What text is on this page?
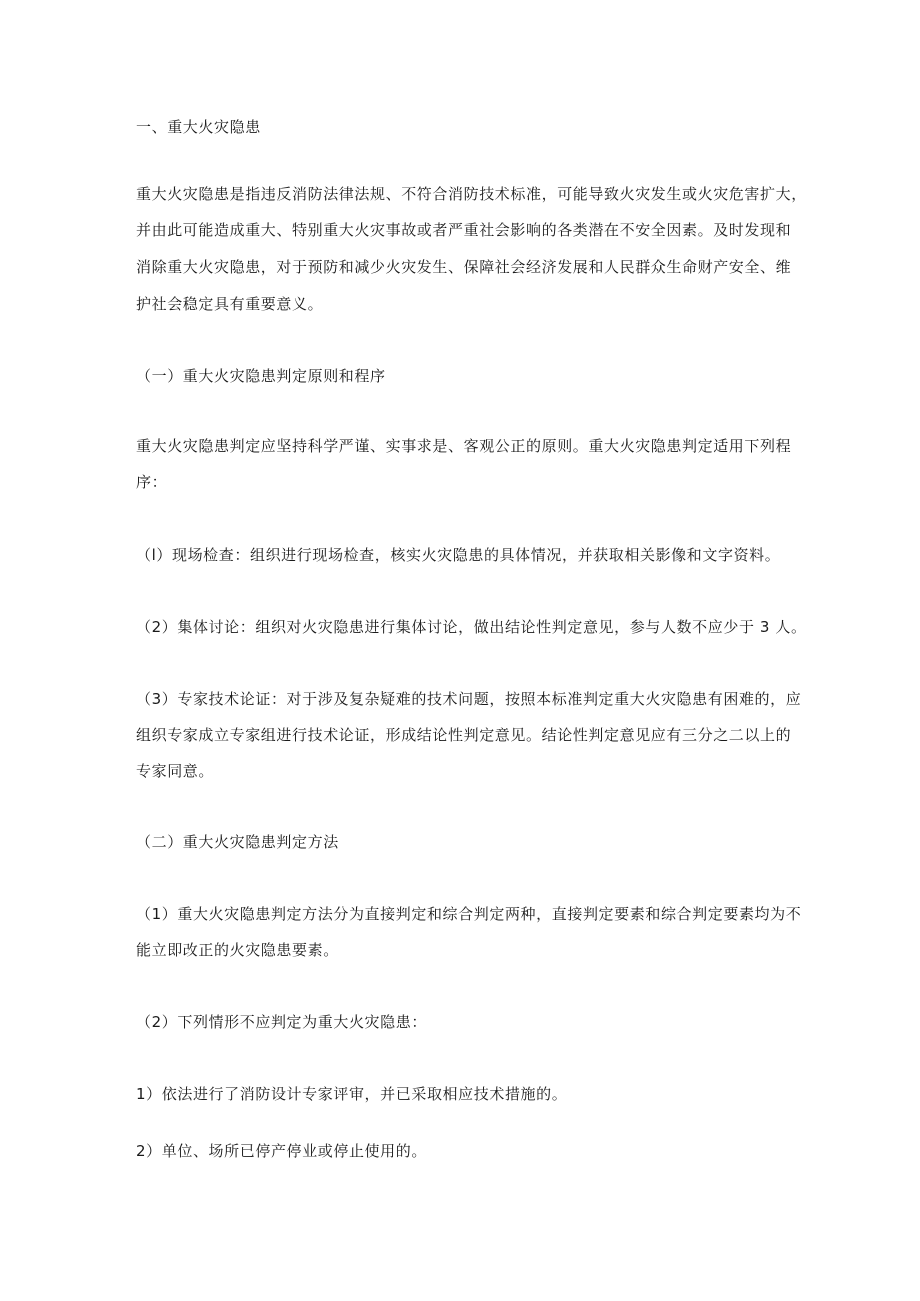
一、重大火灾隐患
重大火灾隐患是指违反消防法律法规、不符合消防技术标准，可能导致火灾发生或火灾危害扩大，
并由此可能造成重大、特别重大火灾事故或者严重社会影响的各类潜在不安全因素。及时发现和
消除重大火灾隐患，对于预防和减少火灾发生、保障社会经济发展和人民群众生命财产安全、维
护社会稳定具有重要意义。
（一）重大火灾隐患判定原则和程序
重大火灾隐患判定应坚持科学严谨、实事求是、客观公正的原则。重大火灾隐患判定适用下列程
序：
（l）现场检查：组织进行现场检查，核实火灾隐患的具体情况，并获取相关影像和文字资料。
（2）集体讨论：组织对火灾隐患进行集体讨论，做出结论性判定意见，参与人数不应少于 3 人。
（3）专家技术论证：对于涉及复杂疑难的技术问题，按照本标准判定重大火灾隐患有困难的，应
组织专家成立专家组进行技术论证，形成结论性判定意见。结论性判定意见应有三分之二以上的
专家同意。
（二）重大火灾隐患判定方法
（1）重大火灾隐患判定方法分为直接判定和综合判定两种，直接判定要素和综合判定要素均为不
能立即改正的火灾隐患要素。
（2）下列情形不应判定为重大火灾隐患：
1）依法进行了消防设计专家评审，并已采取相应技术措施的。
2）单位、场所已停产停业或停止使用的。
